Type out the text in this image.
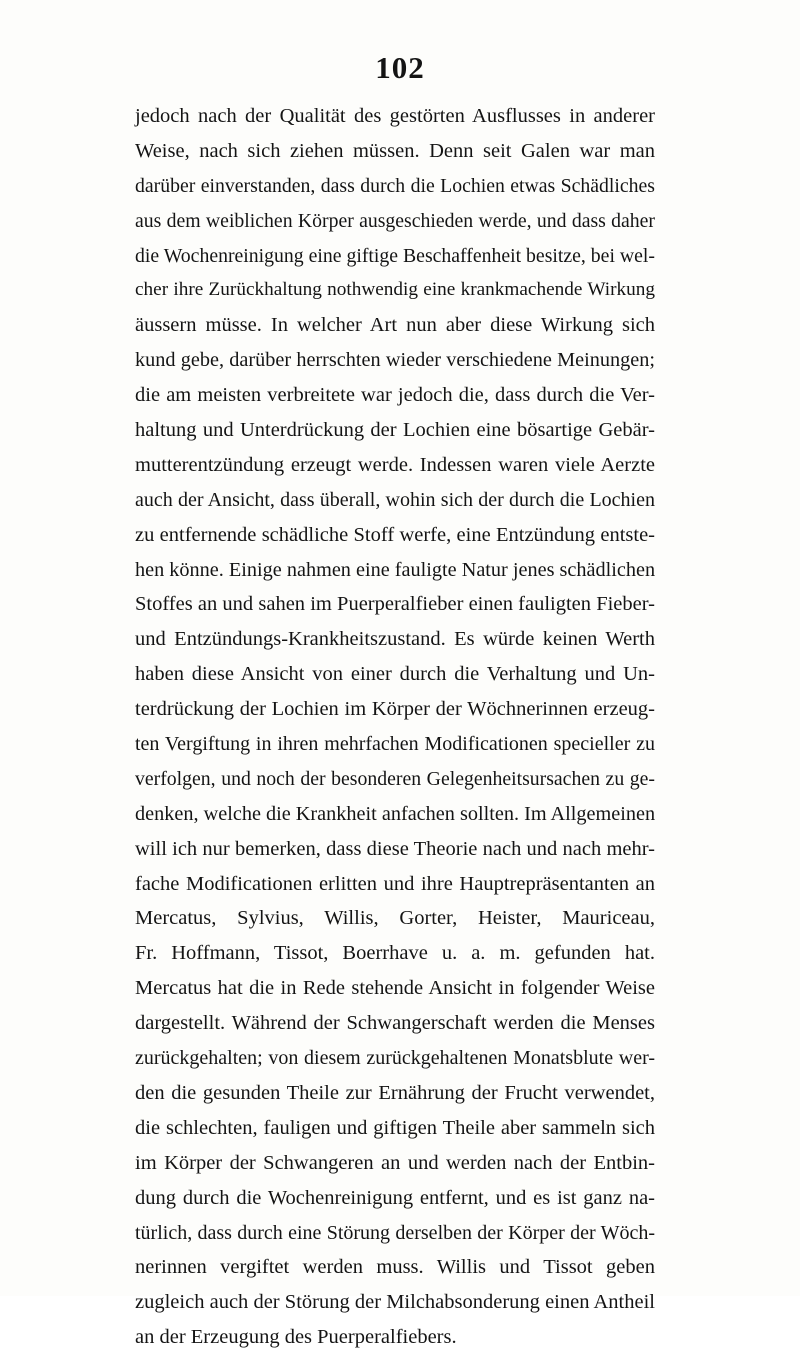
102
jedoch nach der Qualität des gestörten Ausflusses in anderer
Weise, nach sich ziehen müssen. Denn seit Galen war man
darüber einverstanden, dass durch die Lochien etwas Schädliches
aus dem weiblichen Körper ausgeschieden werde, und dass daher
die Wochenreinigung eine giftige Beschaffenheit besitze, bei wel-
cher ihre Zurückhaltung nothwendig eine krankmachende Wirkung
äussern müsse. In welcher Art nun aber diese Wirkung sich
kund gebe, darüber herrschten wieder verschiedene Meinungen;
die am meisten verbreitete war jedoch die, dass durch die Ver-
haltung und Unterdrückung der Lochien eine bösartige Gebär-
mutterentzündung erzeugt werde. Indessen waren viele Aerzte
auch der Ansicht, dass überall, wohin sich der durch die Lochien
zu entfernende schädliche Stoff werfe, eine Entzündung entste-
hen könne. Einige nahmen eine fauligte Natur jenes schädlichen
Stoffes an und sahen im Puerperalfieber einen fauligten Fieber-
und Entzündungs-Krankheitszustand. Es würde keinen Werth
haben diese Ansicht von einer durch die Verhaltung und Un-
terdrückung der Lochien im Körper der Wöchnerinnen erzeug-
ten Vergiftung in ihren mehrfachen Modificationen specieller zu
verfolgen, und noch der besonderen Gelegenheitsursachen zu ge-
denken, welche die Krankheit anfachen sollten. Im Allgemeinen
will ich nur bemerken, dass diese Theorie nach und nach mehr-
fache Modificationen erlitten und ihre Hauptrepräsentanten an
Mercatus, Sylvius, Willis, Gorter, Heister, Mauriceau,
Fr. Hoffmann, Tissot, Boerrhave u. a. m. gefunden hat.
Mercatus hat die in Rede stehende Ansicht in folgender Weise
dargestellt. Während der Schwangerschaft werden die Menses
zurückgehalten; von diesem zurückgehaltenen Monatsblute wer-
den die gesunden Theile zur Ernährung der Frucht verwendet,
die schlechten, fauligen und giftigen Theile aber sammeln sich
im Körper der Schwangeren an und werden nach der Entbin-
dung durch die Wochenreinigung entfernt, und es ist ganz na-
türlich, dass durch eine Störung derselben der Körper der Wöch-
nerinnen vergiftet werden muss. Willis und Tissot geben
zugleich auch der Störung der Milchabsonderung einen Antheil
an der Erzeugung des Puerperalfiebers.
